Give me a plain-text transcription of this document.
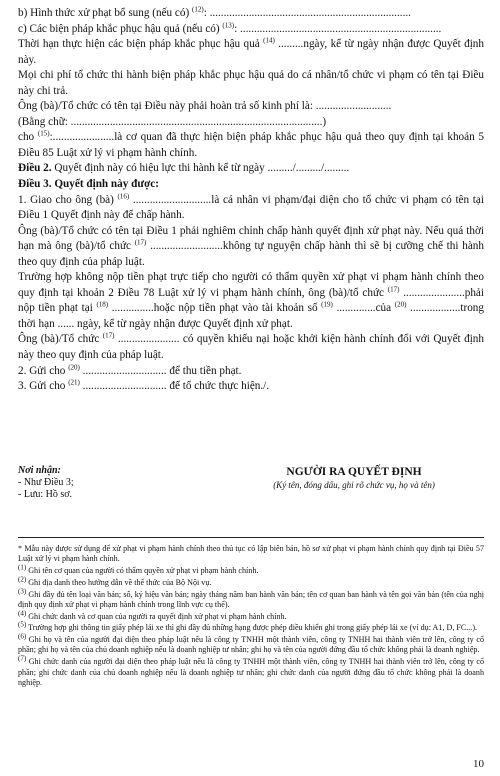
b) Hình thức xử phạt bổ sung (nếu có) $^{(12)}$: ........................................................................

c) Các biện pháp khắc phục hậu quả (nếu có) $^{(13)}$: ........................................................................

Thời hạn thực hiện các biện pháp khắc phục hậu quả $^{(14)}$ .........ngày, kể từ ngày nhận được Quyết định này.

Mọi chi phí tổ chức thi hành biện pháp khắc phục hậu quả do cá nhân/tổ chức vi phạm có tên tại Điều này chi trả.

Ông (bà)/Tổ chức có tên tại Điều này phải hoàn trả số kinh phí là: ...........................

(Bằng chữ: ..........................................................................................)

cho $^{(15)}$:......................là cơ quan đã thực hiện biện pháp khắc phục hậu quả theo quy định tại khoản 5 Điều 85 Luật xử lý vi phạm hành chính.

Điều 2. Quyết định này có hiệu lực thi hành kể từ ngày ........./........./.........

Điều 3. Quyết định này được:

1. Giao cho ông (bà) $^{(16)}$ ............................là cá nhân vi phạm/đại diện cho tổ chức vi phạm có tên tại Điều 1 Quyết định này để chấp hành.

Ông (bà)/Tổ chức có tên tại Điều 1 phải nghiêm chỉnh chấp hành quyết định xử phạt này. Nếu quá thời hạn mà ông (bà)/tổ chức $^{(17)}$ ..........................không tự nguyện chấp hành thì sẽ bị cưỡng chế thi hành theo quy định của pháp luật.

Trường hợp không nộp tiền phạt trực tiếp cho người có thẩm quyền xử phạt vi phạm hành chính theo quy định tại khoản 2 Điều 78 Luật xử lý vi phạm hành chính, ông (bà)/tổ chức $^{(17)}$ ......................phải nộp tiền phạt tại $^{(18)}$ ...............hoặc nộp tiền phạt vào tài khoản số $^{(19)}$ ..............của $^{(20)}$ ..................trong thời hạn ...... ngày, kể từ ngày nhận được Quyết định xử phạt.

Ông (bà)/Tổ chức $^{(17)}$ ...................... có quyền khiếu nại hoặc khởi kiện hành chính đối với Quyết định này theo quy định của pháp luật.

2. Gửi cho $^{(20)}$ .............................. để thu tiền phạt.

3. Gửi cho $^{(21)}$ .............................. để tổ chức thực hiện./.

Nơi nhận:
- Như Điều 3;
- Lưu: Hồ sơ.
NGƯỜI RA QUYẾT ĐỊNH
(Ký tên, đóng dấu, ghi rõ chức vụ, họ và tên)

* Mẫu này được sử dụng để xử phạt vi phạm hành chính theo thủ tục có lập biên bản, hồ sơ xử phạt vi phạm hành chính quy định tại Điều 57 Luật xử lý vi phạm hành chính.

$^{(1)}$ Ghi tên cơ quan của người có thẩm quyền xử phạt vi phạm hành chính.

$^{(2)}$ Ghi địa danh theo hướng dẫn về thể thức của Bộ Nội vụ.

$^{(3)}$ Ghi đầy đủ tên loại văn bản; số, ký hiệu văn bản; ngày tháng năm ban hành văn bản; tên cơ quan ban hành và tên gọi văn bản (tên của nghị định quy định xử phạt vi phạm hành chính trong lĩnh vực cụ thể).

$^{(4)}$ Ghi chức danh và cơ quan của người ra quyết định xử phạt vi phạm hành chính.

$^{(5)}$ Trường hợp ghi thông tin giấy phép lái xe thì ghi đầy đủ những hạng được phép điều khiển ghi trong giấy phép lái xe (ví dụ: A1, D, FC...).

$^{(6)}$ Ghi họ và tên của người đại diện theo pháp luật nếu là công ty TNHH một thành viên, công ty TNHH hai thành viên trở lên, công ty cổ phần; ghi họ và tên của chủ doanh nghiệp nếu là doanh nghiệp tư nhân; ghi họ và tên của người đứng đầu tổ chức không phải là doanh nghiệp.

$^{(7)}$ Ghi chức danh của người đại diện theo pháp luật nếu là công ty TNHH một thành viên, công ty TNHH hai thành viên trở lên, công ty cổ phần; ghi chức danh của chủ doanh nghiệp nếu là doanh nghiệp tư nhân; ghi chức danh của người đứng đầu tổ chức không phải là doanh nghiệp.

10
